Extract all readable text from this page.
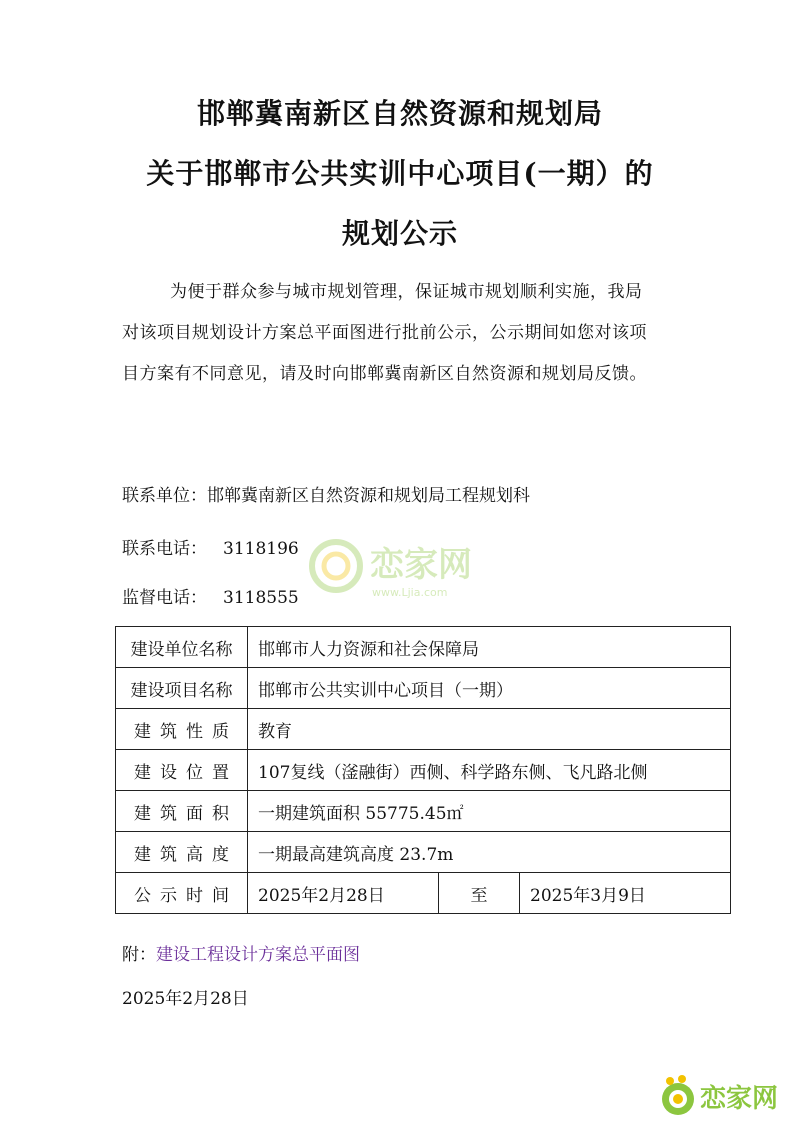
邯郸冀南新区自然资源和规划局
关于邯郸市公共实训中心项目(一期）的
规划公示
为便于群众参与城市规划管理，保证城市规划顺利实施，我局
对该项目规划设计方案总平面图进行批前公示，公示期间如您对该项
目方案有不同意见，请及时向邯郸冀南新区自然资源和规划局反馈。
联系单位：邯郸冀南新区自然资源和规划局工程规划科
联系电话： 3118196
监督电话： 3118555
恋家网
www.Ljia.com
建设单位名称	邯郸市人力资源和社会保障局		
建设项目名称	邯郸市公共实训中心项目（一期）		
建筑性质	教育		
建设位置	107复线（滏融街）西侧、科学路东侧、飞凡路北侧		
建筑面积	一期建筑面积 55775.45㎡		
建筑高度	一期最高建筑高度 23.7m		
公示时间	2025年2月28日	至	2025年3月9日
附：建设工程设计方案总平面图
2025年2月28日
恋家网
